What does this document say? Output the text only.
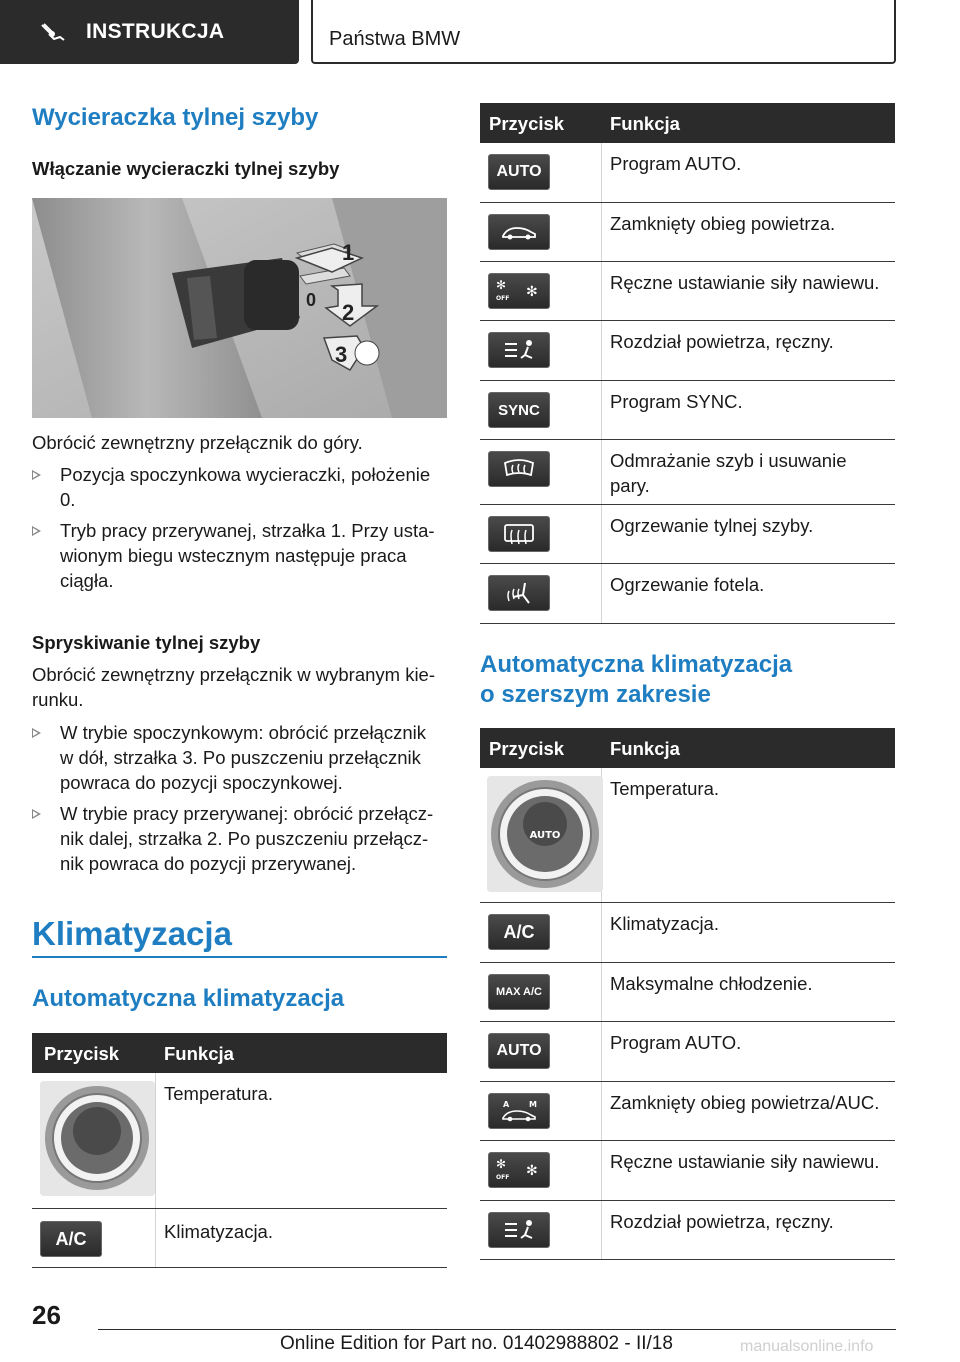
INSTRUKCJA	Państwa BMW
Wycieraczka tylnej szyby
Włączanie wycieraczki tylnej szyby
1
0 2
3
Obrócić zewnętrzny przełącznik do góry.
Pozycja spoczynkowa wycieraczki, położenie
0.
Tryb pracy przerywanej, strzałka 1. Przy usta-
wionym biegu wstecznym następuje praca
ciągła.
Spryskiwanie tylnej szyby
Obrócić zewnętrzny przełącznik w wybranym kie-
runku.
W trybie spoczynkowym: obrócić przełącznik
w dół, strzałka 3. Po puszczeniu przełącznik
powraca do pozycji spoczynkowej.
W trybie pracy przerywanej: obrócić przełącz-
nik dalej, strzałka 2. Po puszczeniu przełącz-
nik powraca do pozycji przerywanej.
Klimatyzacja
Automatyczna klimatyzacja
Przycisk Funkcja
Temperatura.
A/C	Klimatyzacja.
Przycisk Funkcja
AUTO	Program AUTO.
Zamknięty obieg powietrza.
✻
OFF ✻	Ręczne ustawianie siły nawiewu.
Rozdział powietrza, ręczny.
SYNC	Program SYNC.
Odmrażanie szyb i usuwanie
pary.
Ogrzewanie tylnej szyby.
Ogrzewanie fotela.
Automatyczna klimatyzacja
o szerszym zakresie
Przycisk Funkcja
AUTO
Temperatura.
A/C	Klimatyzacja.
MAX A/C	Maksymalne chłodzenie.
AUTO	Program AUTO.
A M	Zamknięty obieg powietrza/AUC.
✻
OFF ✻	Ręczne ustawianie siły nawiewu.
Rozdział powietrza, ręczny.
26
Online Edition for Part no. 01402988802 - II/18	manualsonline.info
